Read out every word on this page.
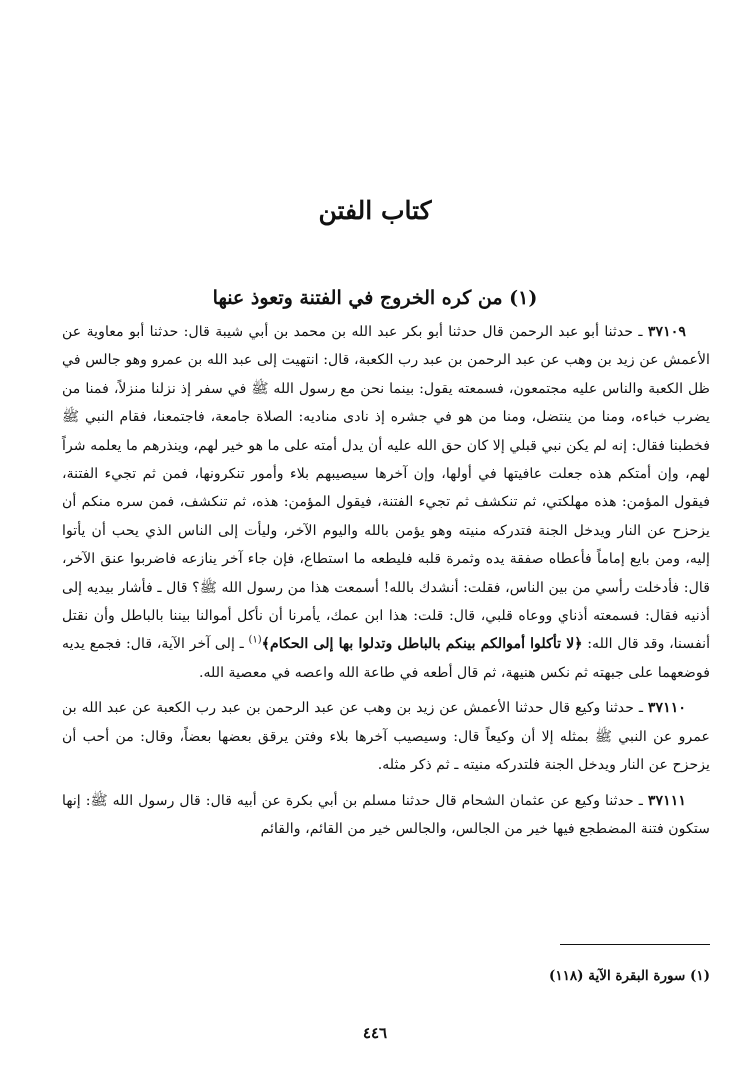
كتاب الفتن
(١) من كره الخروج في الفتنة وتعوذ عنها

٣٧١٠٩ ـ حدثنا أبو عبد الرحمن قال حدثنا أبو بكر عبد الله بن محمد بن أبي شيبة قال: حدثنا أبو معاوية عن الأعمش عن زيد بن وهب عن عبد الرحمن بن عبد رب الكعبة، قال: انتهيت إلى عبد الله بن عمرو وهو جالس في ظل الكعبة والناس عليه مجتمعون، فسمعته يقول: بينما نحن مع رسول الله ﷺ في سفر إذ نزلنا منزلاً، فمنا من يضرب خباءه، ومنا من ينتضل، ومنا من هو في جشره إذ نادى مناديه: الصلاة جامعة، فاجتمعنا، فقام النبي ﷺ فخطبنا فقال: إنه لم يكن نبي قبلي إلا كان حق الله عليه أن يدل أمته على ما هو خير لهم، وينذرهم ما يعلمه شراً لهم، وإن أمتكم هذه جعلت عافيتها في أولها، وإن آخرها سيصيبهم بلاء وأمور تنكرونها، فمن ثم تجيء الفتنة، فيقول المؤمن: هذه مهلكتي، ثم تنكشف ثم تجيء الفتنة، فيقول المؤمن: هذه، ثم تنكشف، فمن سره منكم أن يزحزح عن النار ويدخل الجنة فتدركه منيته وهو يؤمن بالله واليوم الآخر، وليأت إلى الناس الذي يحب أن يأتوا إليه، ومن بايع إماماً فأعطاه صفقة يده وثمرة قلبه فليطعه ما استطاع، فإن جاء آخر ينازعه فاضربوا عنق الآخر، قال: فأدخلت رأسي من بين الناس، فقلت: أنشدك بالله! أسمعت هذا من رسول الله ﷺ؟ قال ـ فأشار بيديه إلى أذنيه فقال: فسمعته أذناي ووعاه قلبي، قال: قلت: هذا ابن عمك، يأمرنا أن نأكل أموالنا بيننا بالباطل وأن نقتل أنفسنا، وقد قال الله: ﴿لا تأكلوا أموالكم بينكم بالباطل وتدلوا بها إلى الحكام﴾$^{(١)}$ ـ إلى آخر الآية، قال: فجمع يديه فوضعهما على جبهته ثم نكس هنيهة، ثم قال أطعه في طاعة الله واعصه في معصية الله.

٣٧١١٠ ـ حدثنا وكيع قال حدثنا الأعمش عن زيد بن وهب عن عبد الرحمن بن عبد رب الكعبة عن عبد الله بن عمرو عن النبي ﷺ بمثله إلا أن وكيعاً قال: وسيصيب آخرها بلاء وفتن يرقق بعضها بعضاً، وقال: من أحب أن يزحزح عن النار ويدخل الجنة فلتدركه منيته ـ ثم ذكر مثله.

٣٧١١١ ـ حدثنا وكيع عن عثمان الشحام قال حدثنا مسلم بن أبي بكرة عن أبيه قال: قال رسول الله ﷺ: إنها ستكون فتنة المضطجع فيها خير من الجالس، والجالس خير من القائم، والقائم

(١) سورة البقرة الآية (١١٨)
٤٤٦
